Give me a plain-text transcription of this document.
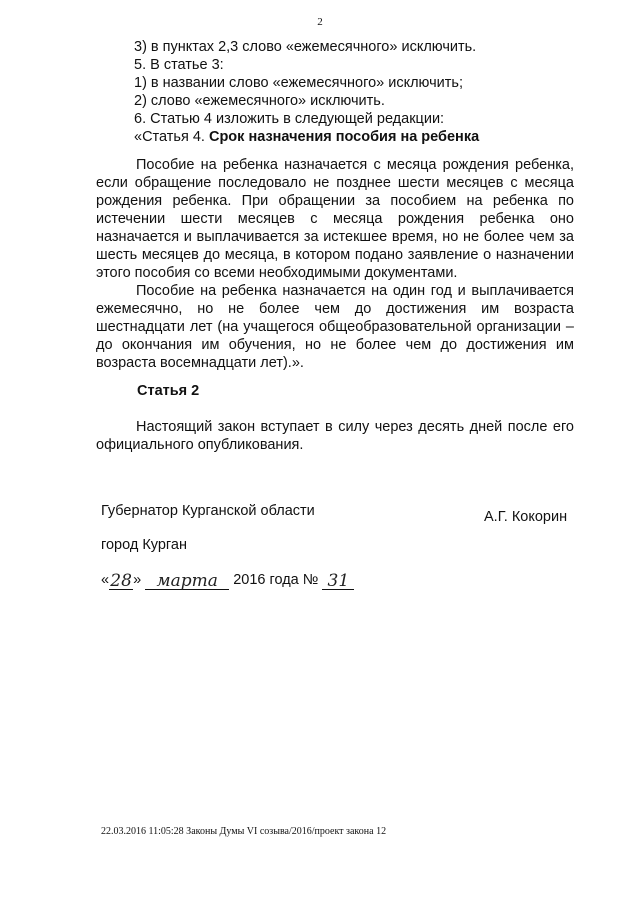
2
3) в пунктах 2,3 слово «ежемесячного» исключить.
5. В статье 3:
1) в названии слово «ежемесячного» исключить;
2) слово «ежемесячного» исключить.
6. Статью 4 изложить в следующей редакции:
«Статья 4. Срок назначения пособия на ребенка
Пособие на ребенка назначается с месяца рождения ребенка, если обращение последовало не позднее шести месяцев с месяца рождения ребенка. При обращении за пособием на ребенка по истечении шести месяцев с месяца рождения ребенка оно назначается и выплачивается за истекшее время, но не более чем за шесть месяцев до месяца, в котором подано заявление о назначении этого пособия со всеми необходимыми документами.
Пособие на ребенка назначается на один год и выплачивается ежемесячно, но не более чем до достижения им возраста шестнадцати лет (на учащегося общеобразовательной организации – до окончания им обучения, но не более чем до достижения им возраста восемнадцати лет).».
Статья 2
Настоящий закон вступает в силу через десять дней после его официального опубликования.
Губернатор Курганской области	А.Г. Кокорин
город Курган
«28» марта 2016 года № 31
22.03.2016 11:05:28 Законы Думы VI созыва/2016/проект закона 12
